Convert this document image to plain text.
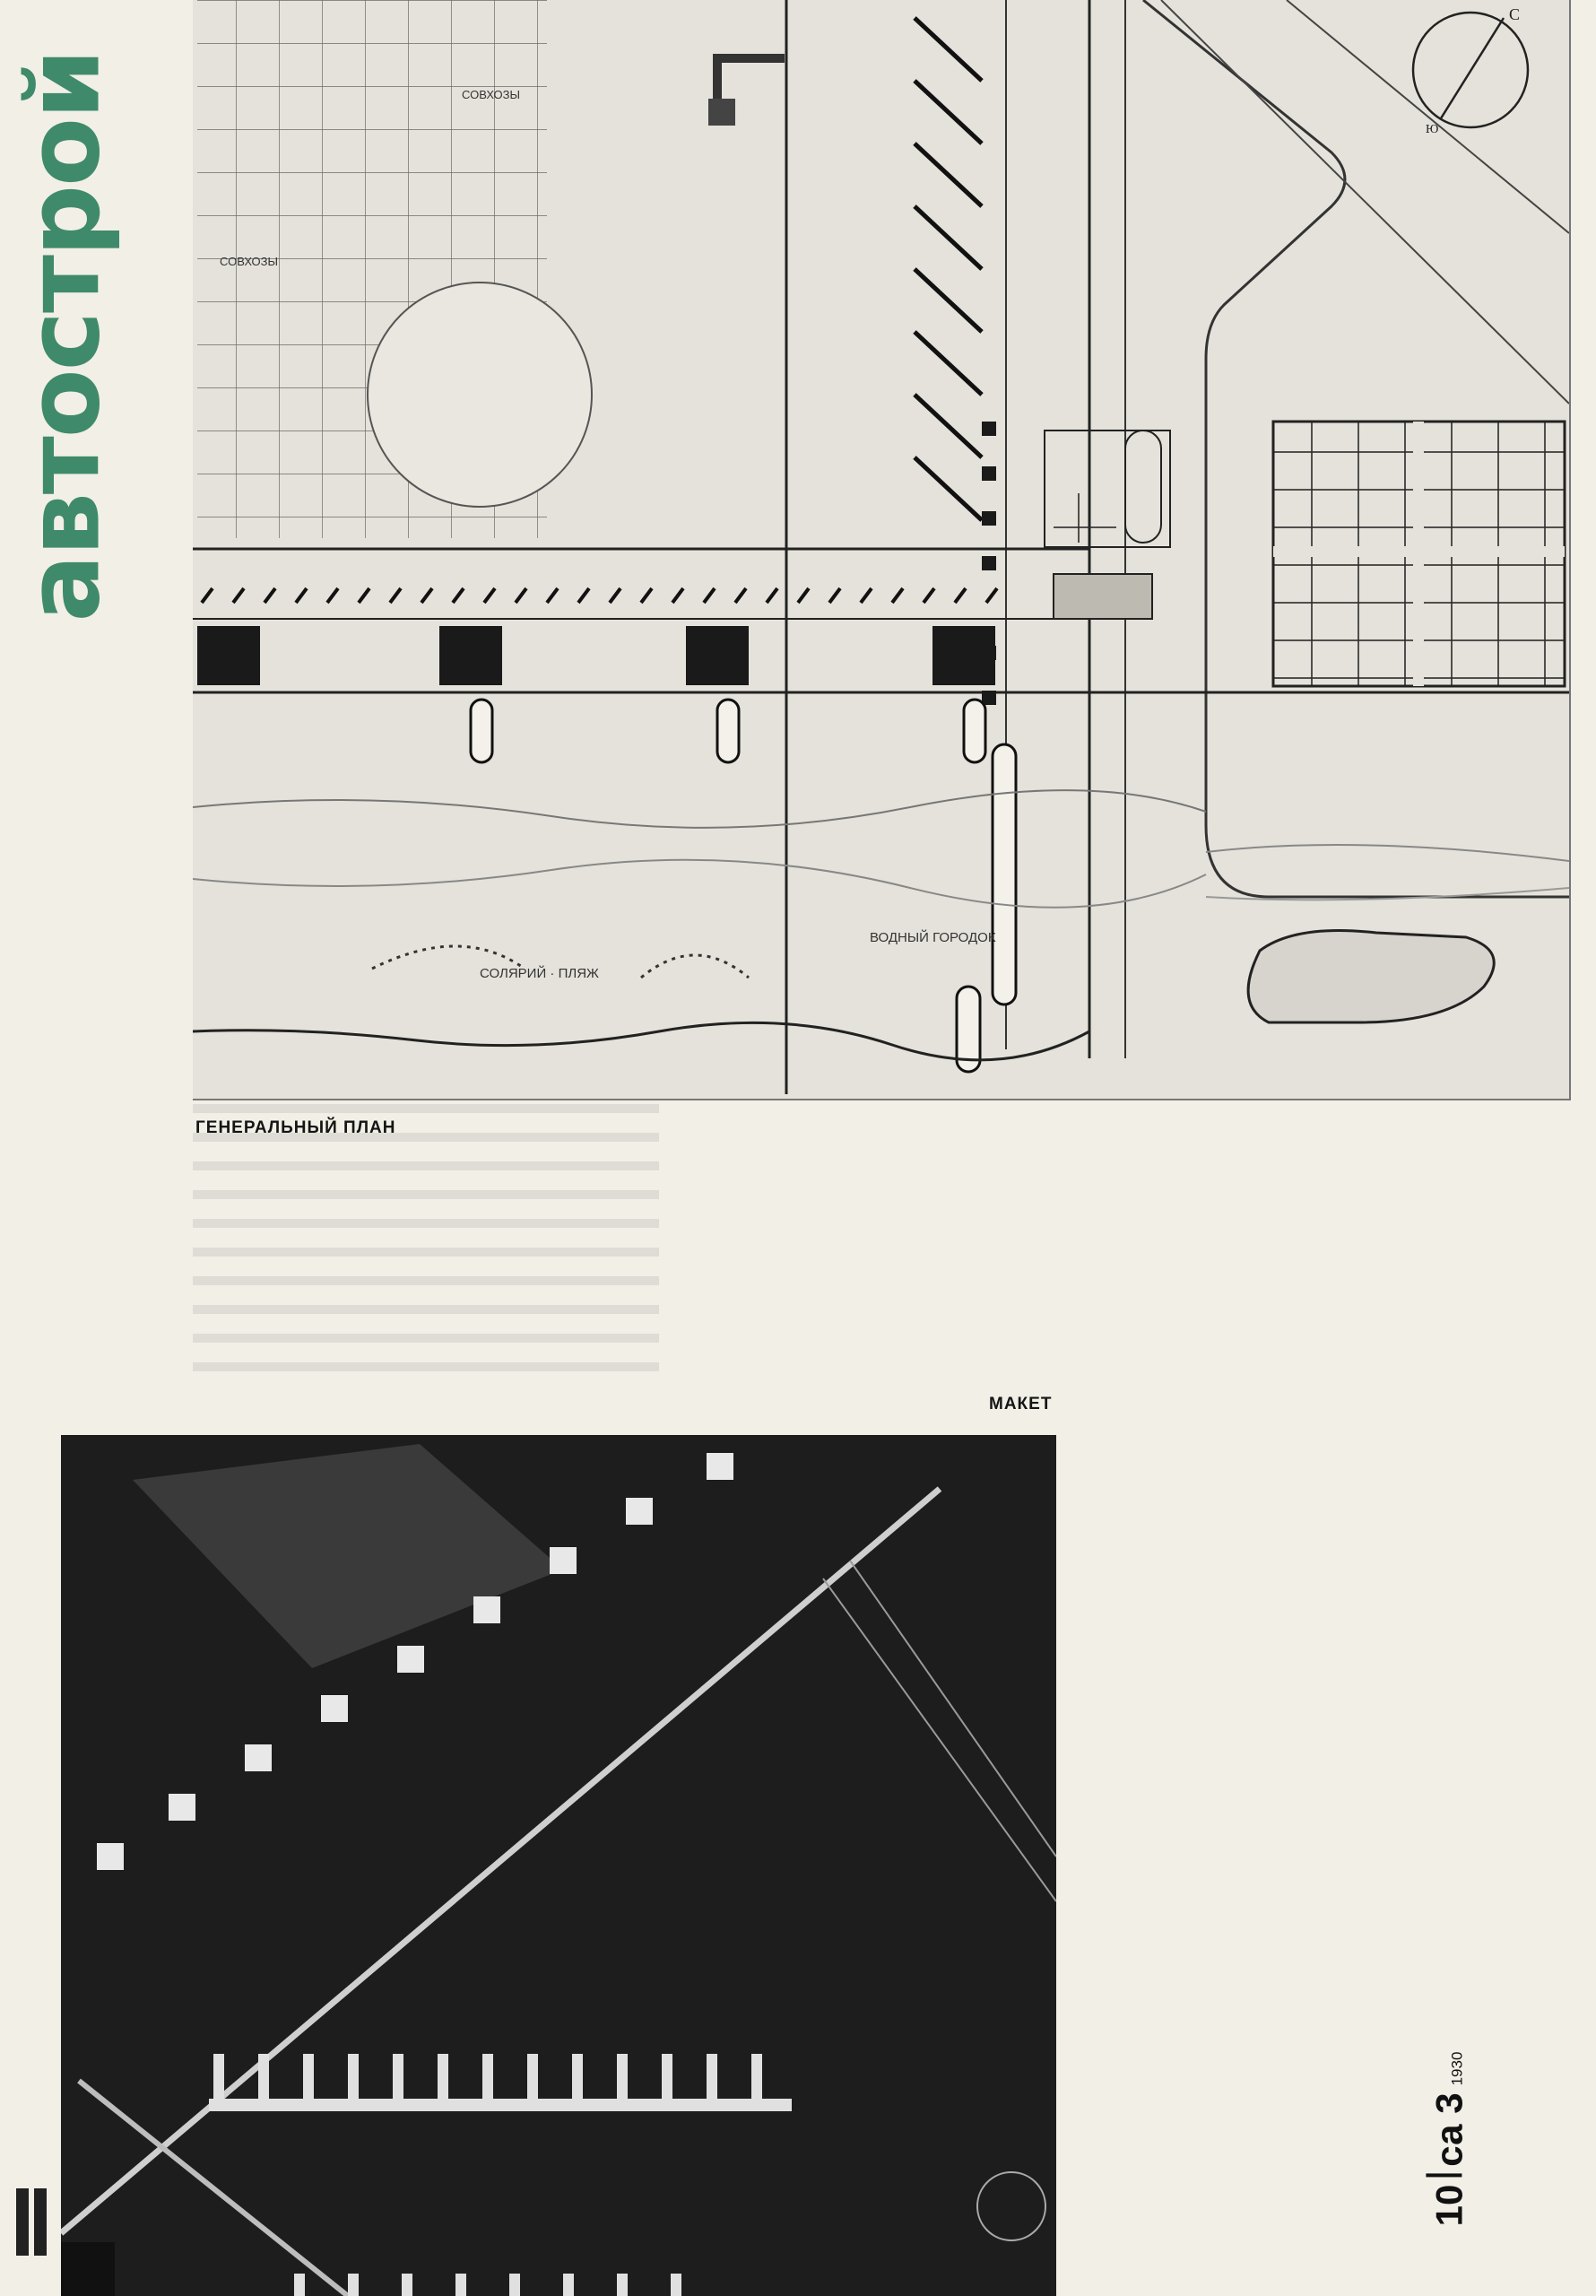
автострой
С
Ю
СОВХОЗЫ
СОВХОЗЫ
СОЛЯРИЙ · ПЛЯЖ
ВОДНЫЙ ГОРОДОК
ГЕНЕРАЛЬНЫЙ ПЛАН
МАКЕТ
10
са 3
1930
